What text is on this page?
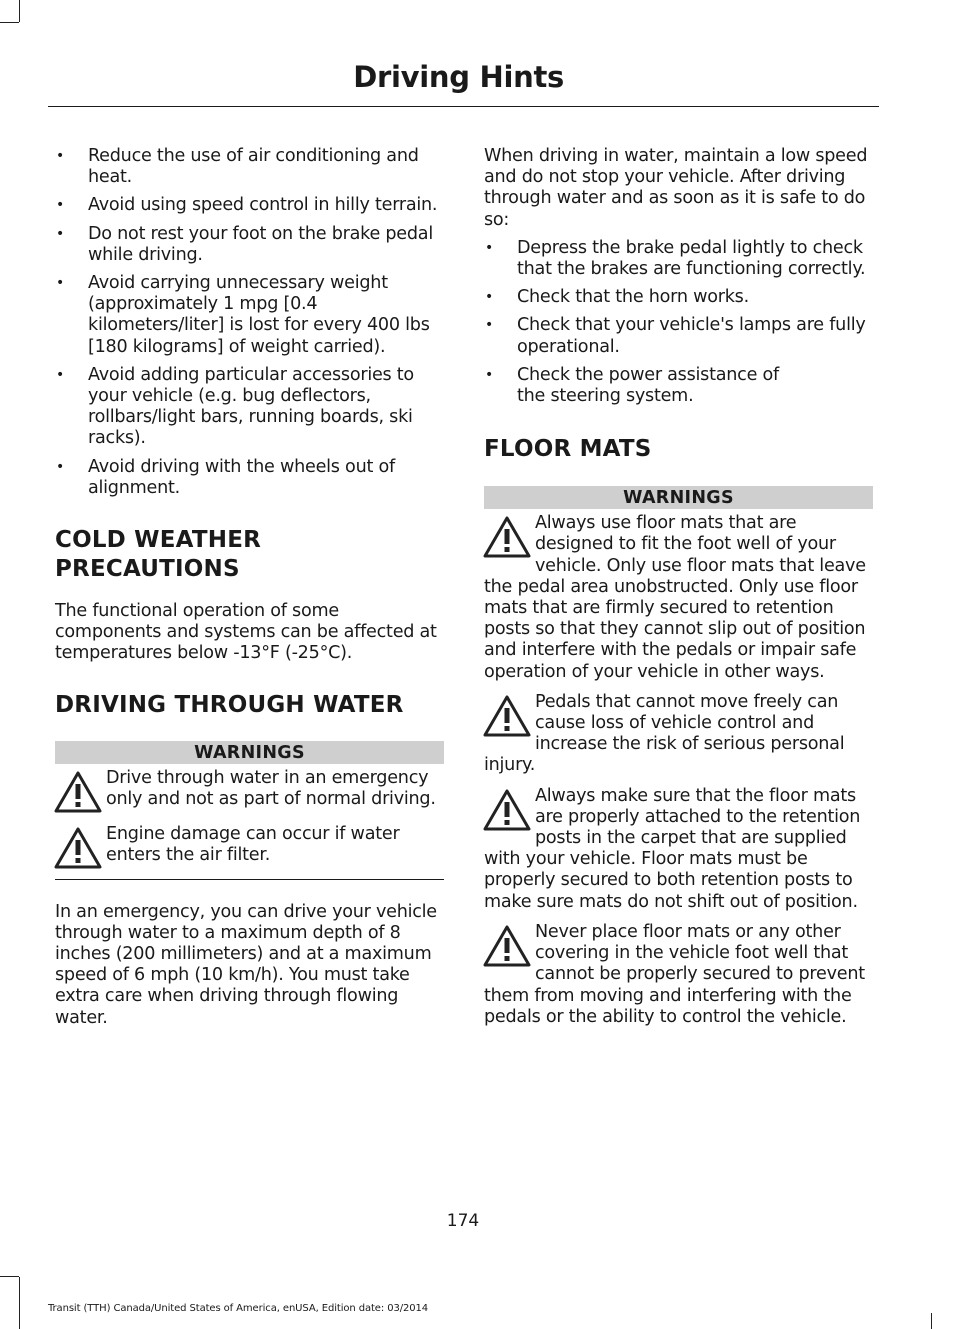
Driving Hints
• Reduce the use of air conditioning and heat.
• Avoid using speed control in hilly terrain.
• Do not rest your foot on the brake pedal while driving.
• Avoid carrying unnecessary weight (approximately 1 mpg [0.4 kilometers/liter] is lost for every 400 lbs [180 kilograms] of weight carried).
• Avoid adding particular accessories to your vehicle (e.g. bug deflectors, rollbars/light bars, running boards, ski racks).
• Avoid driving with the wheels out of alignment.
COLD WEATHER PRECAUTIONS

The functional operation of some components and systems can be affected at temperatures below -13°F (-25°C).

DRIVING THROUGH WATER
WARNINGS

Drive through water in an emergency only and not as part of normal driving.

Engine damage can occur if water enters the air filter.

In an emergency, you can drive your vehicle through water to a maximum depth of 8 inches (200 millimeters) and at a maximum speed of 6 mph (10 km/h). You must take extra care when driving through flowing water.

When driving in water, maintain a low speed and do not stop your vehicle. After driving through water and as soon as it is safe to do so:

• Depress the brake pedal lightly to check that the brakes are functioning correctly.
• Check that the horn works.
• Check that your vehicle's lamps are fully operational.
• Check the power assistance of the steering system.
FLOOR MATS
WARNINGS

Always use floor mats that are designed to fit the foot well of your vehicle. Only use floor mats that leave the pedal area unobstructed. Only use floor mats that are firmly secured to retention posts so that they cannot slip out of position and interfere with the pedals or impair safe operation of your vehicle in other ways.

Pedals that cannot move freely can cause loss of vehicle control and increase the risk of serious personal injury.

Always make sure that the floor mats are properly attached to the retention posts in the carpet that are supplied with your vehicle. Floor mats must be properly secured to both retention posts to make sure mats do not shift out of position.

Never place floor mats or any other covering in the vehicle foot well that cannot be properly secured to prevent them from moving and interfering with the pedals or the ability to control the vehicle.

174
Transit (TTH) Canada/United States of America, enUSA, Edition date: 03/2014
